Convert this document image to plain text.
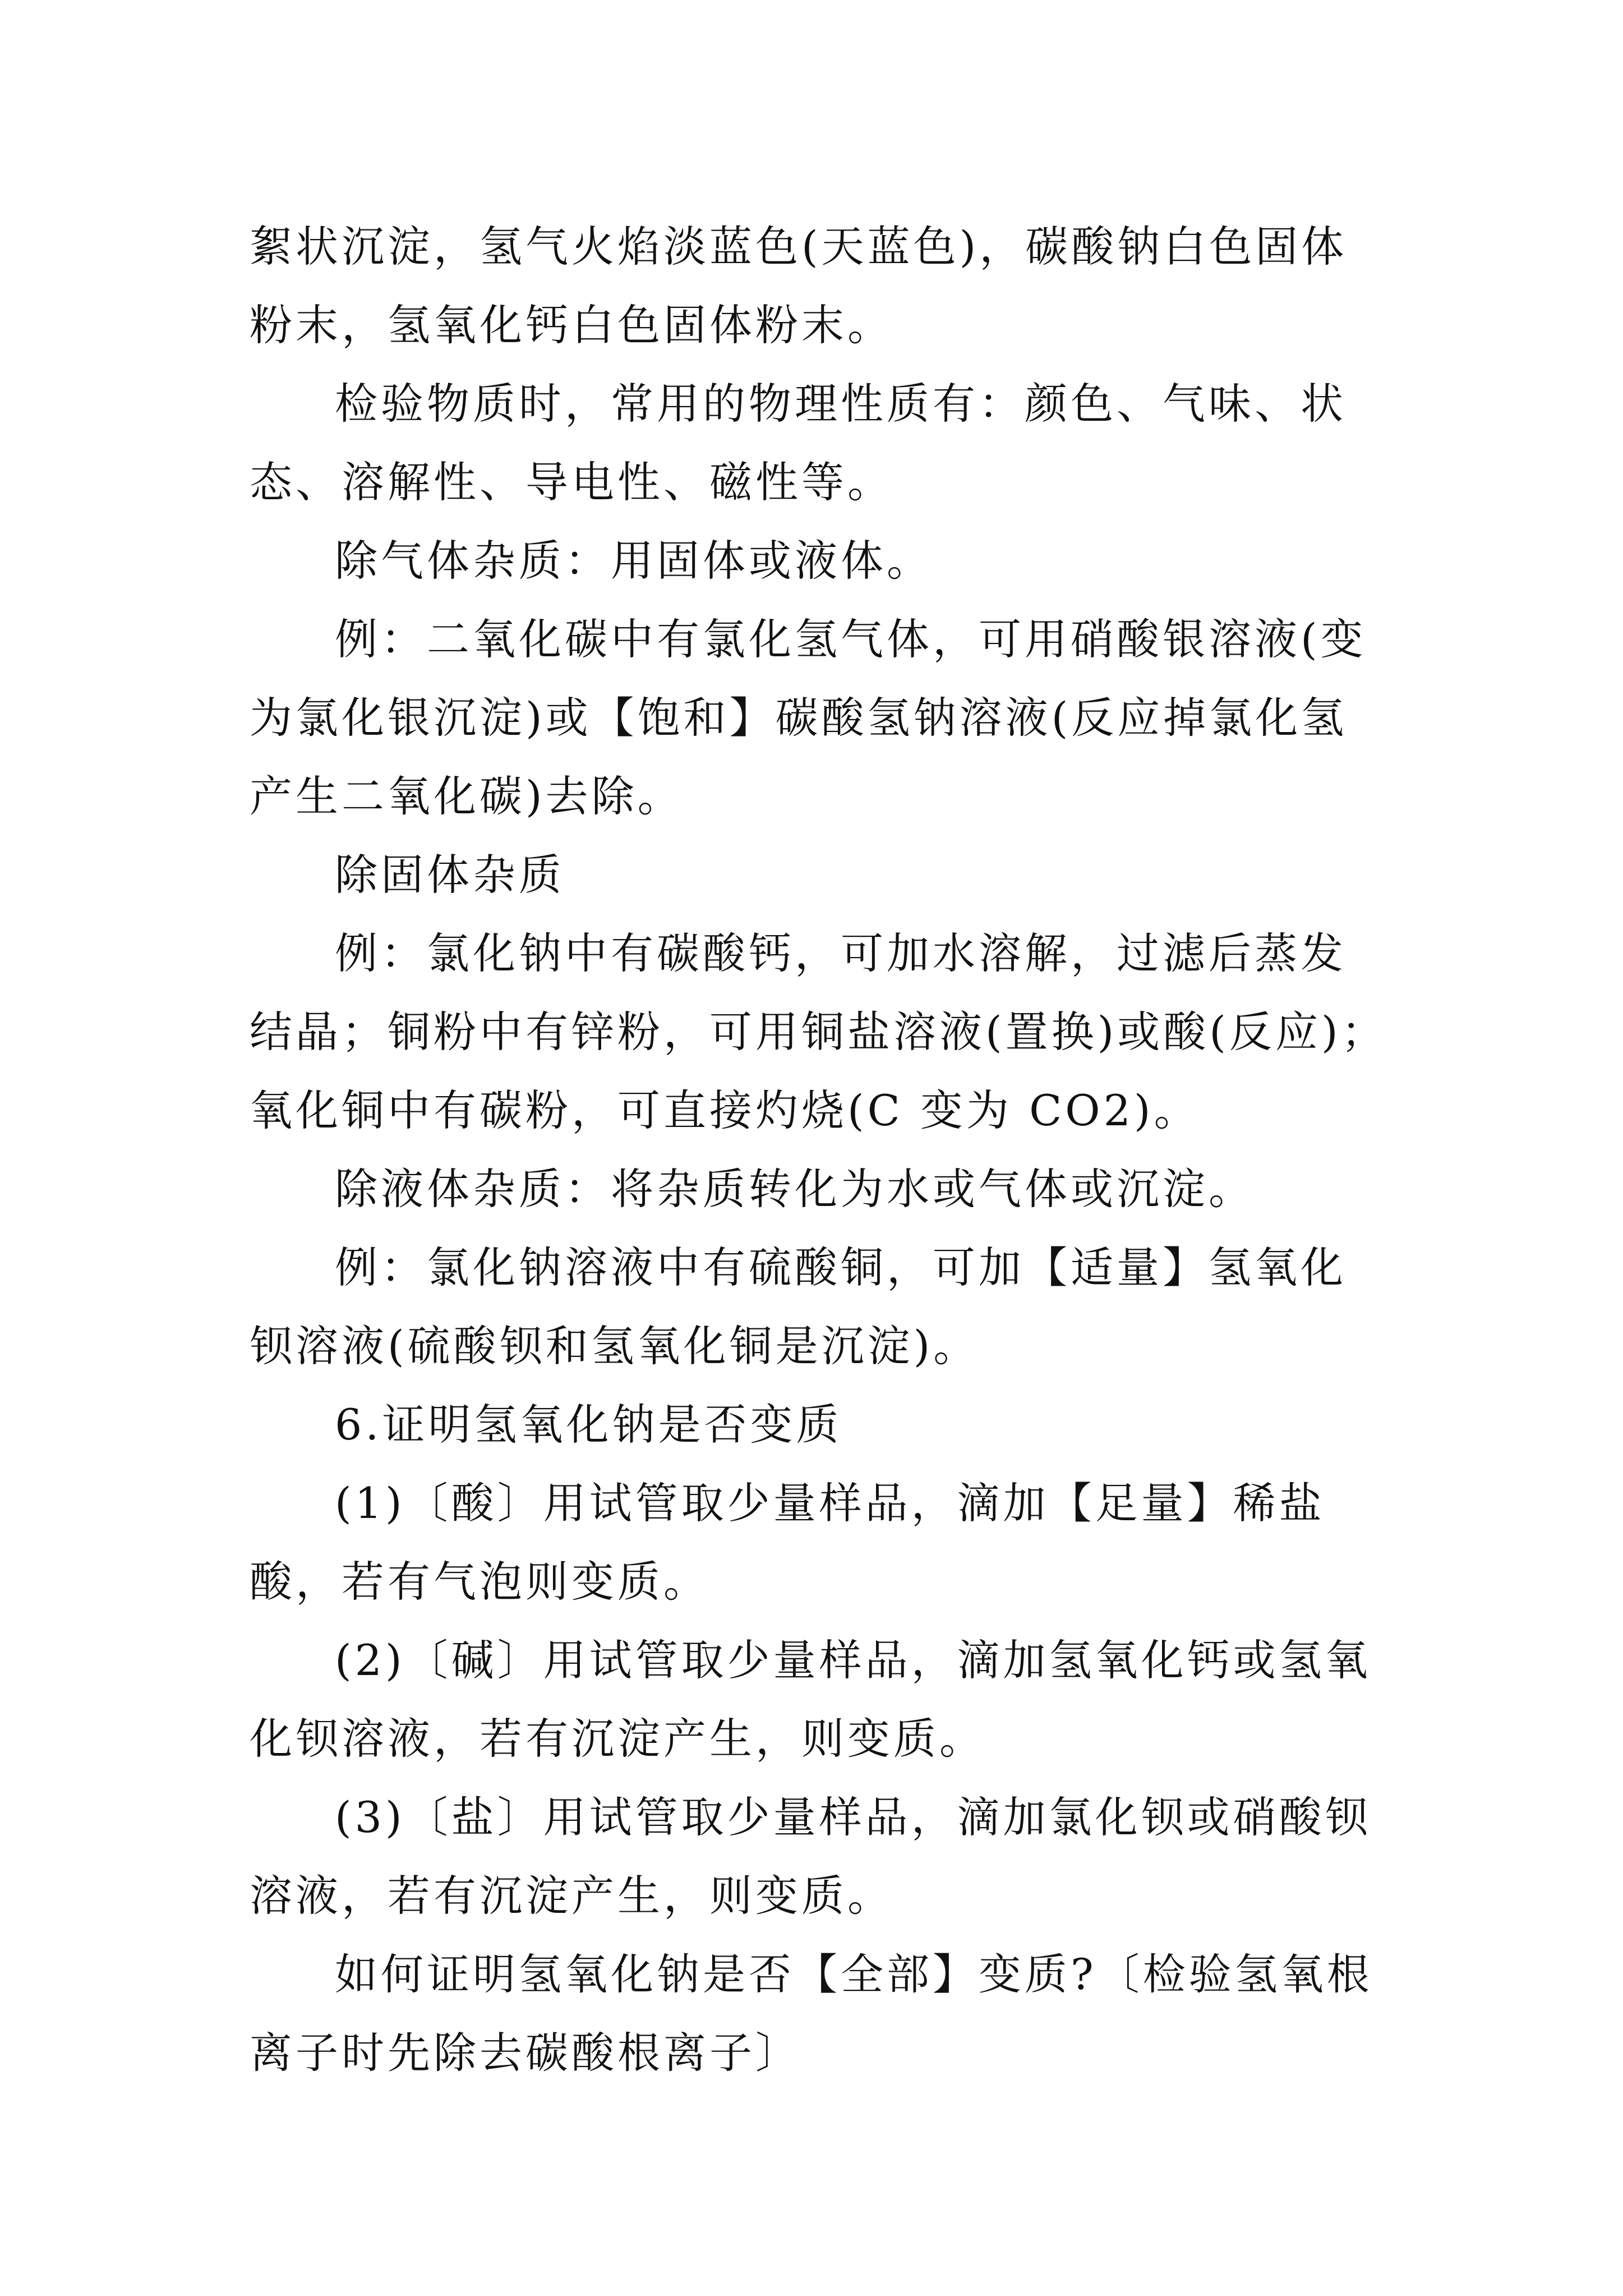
絮状沉淀，氢气火焰淡蓝色(天蓝色)，碳酸钠白色固体粉末，氢氧化钙白色固体粉末。

检验物质时，常用的物理性质有：颜色、气味、状态、溶解性、导电性、磁性等。

除气体杂质：用固体或液体。

例：二氧化碳中有氯化氢气体，可用硝酸银溶液(变为氯化银沉淀)或【饱和】碳酸氢钠溶液(反应掉氯化氢产生二氧化碳)去除。

除固体杂质

例：氯化钠中有碳酸钙，可加水溶解，过滤后蒸发结晶；铜粉中有锌粉，可用铜盐溶液(置换)或酸(反应)；氧化铜中有碳粉，可直接灼烧(C 变为 CO2)。

除液体杂质：将杂质转化为水或气体或沉淀。

例：氯化钠溶液中有硫酸铜，可加【适量】氢氧化钡溶液(硫酸钡和氢氧化铜是沉淀)。

6.证明氢氧化钠是否变质

(1)〔酸〕用试管取少量样品，滴加【足量】稀盐酸，若有气泡则变质。

(2)〔碱〕用试管取少量样品，滴加氢氧化钙或氢氧化钡溶液，若有沉淀产生，则变质。

(3)〔盐〕用试管取少量样品，滴加氯化钡或硝酸钡溶液，若有沉淀产生，则变质。

如何证明氢氧化钠是否【全部】变质?〔检验氢氧根离子时先除去碳酸根离子〕
